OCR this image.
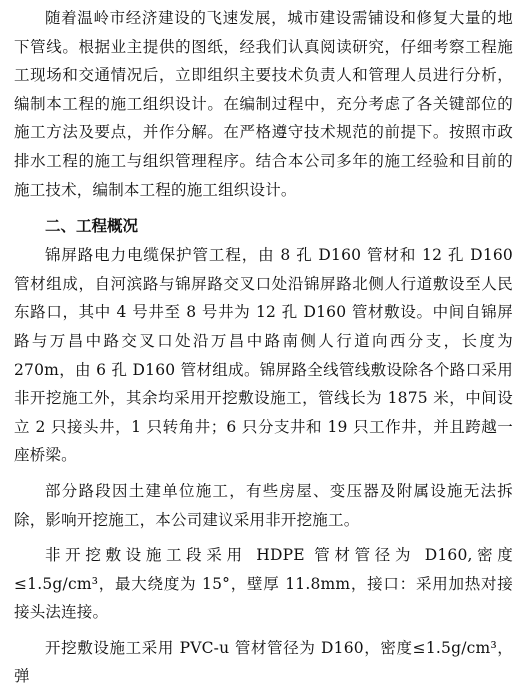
随着温岭市经济建设的飞速发展，城市建设需铺设和修复大量的地下管线。根据业主提供的图纸，经我们认真阅读研究，仔细考察工程施工现场和交通情况后，立即组织主要技术负责人和管理人员进行分析，编制本工程的施工组织设计。在编制过程中，充分考虑了各关键部位的施工方法及要点，并作分解。在严格遵守技术规范的前提下。按照市政排水工程的施工与组织管理程序。结合本公司多年的施工经验和目前的施工技术，编制本工程的施工组织设计。

二、工程概况

锦屏路电力电缆保护管工程，由 8 孔 D160 管材和 12 孔 D160 管材组成，自河滨路与锦屏路交叉口处沿锦屏路北侧人行道敷设至人民东路口，其中 4 号井至 8 号井为 12 孔 D160 管材敷设。中间自锦屏路与万昌中路交叉口处沿万昌中路南侧人行道向西分支，长度为 270m，由 6 孔 D160 管材组成。锦屏路全线管线敷设除各个路口采用非开挖施工外，其余均采用开挖敷设施工，管线长为 1875 米，中间设立 2 只接头井，1 只转角井；6 只分支井和 19 只工作井，并且跨越一座桥梁。

部分路段因土建单位施工，有些房屋、变压器及附属设施无法拆除，影响开挖施工，本公司建议采用非开挖施工。

非开挖敷设施工段采用 HDPE 管材管径为 D160,密度≤1.5g/cm³，最大绕度为 15°，壁厚 11.8mm，接口：采用加热对接接头法连接。

开挖敷设施工采用 PVC-u 管材管径为 D160，密度≤1.5g/cm³，弹
